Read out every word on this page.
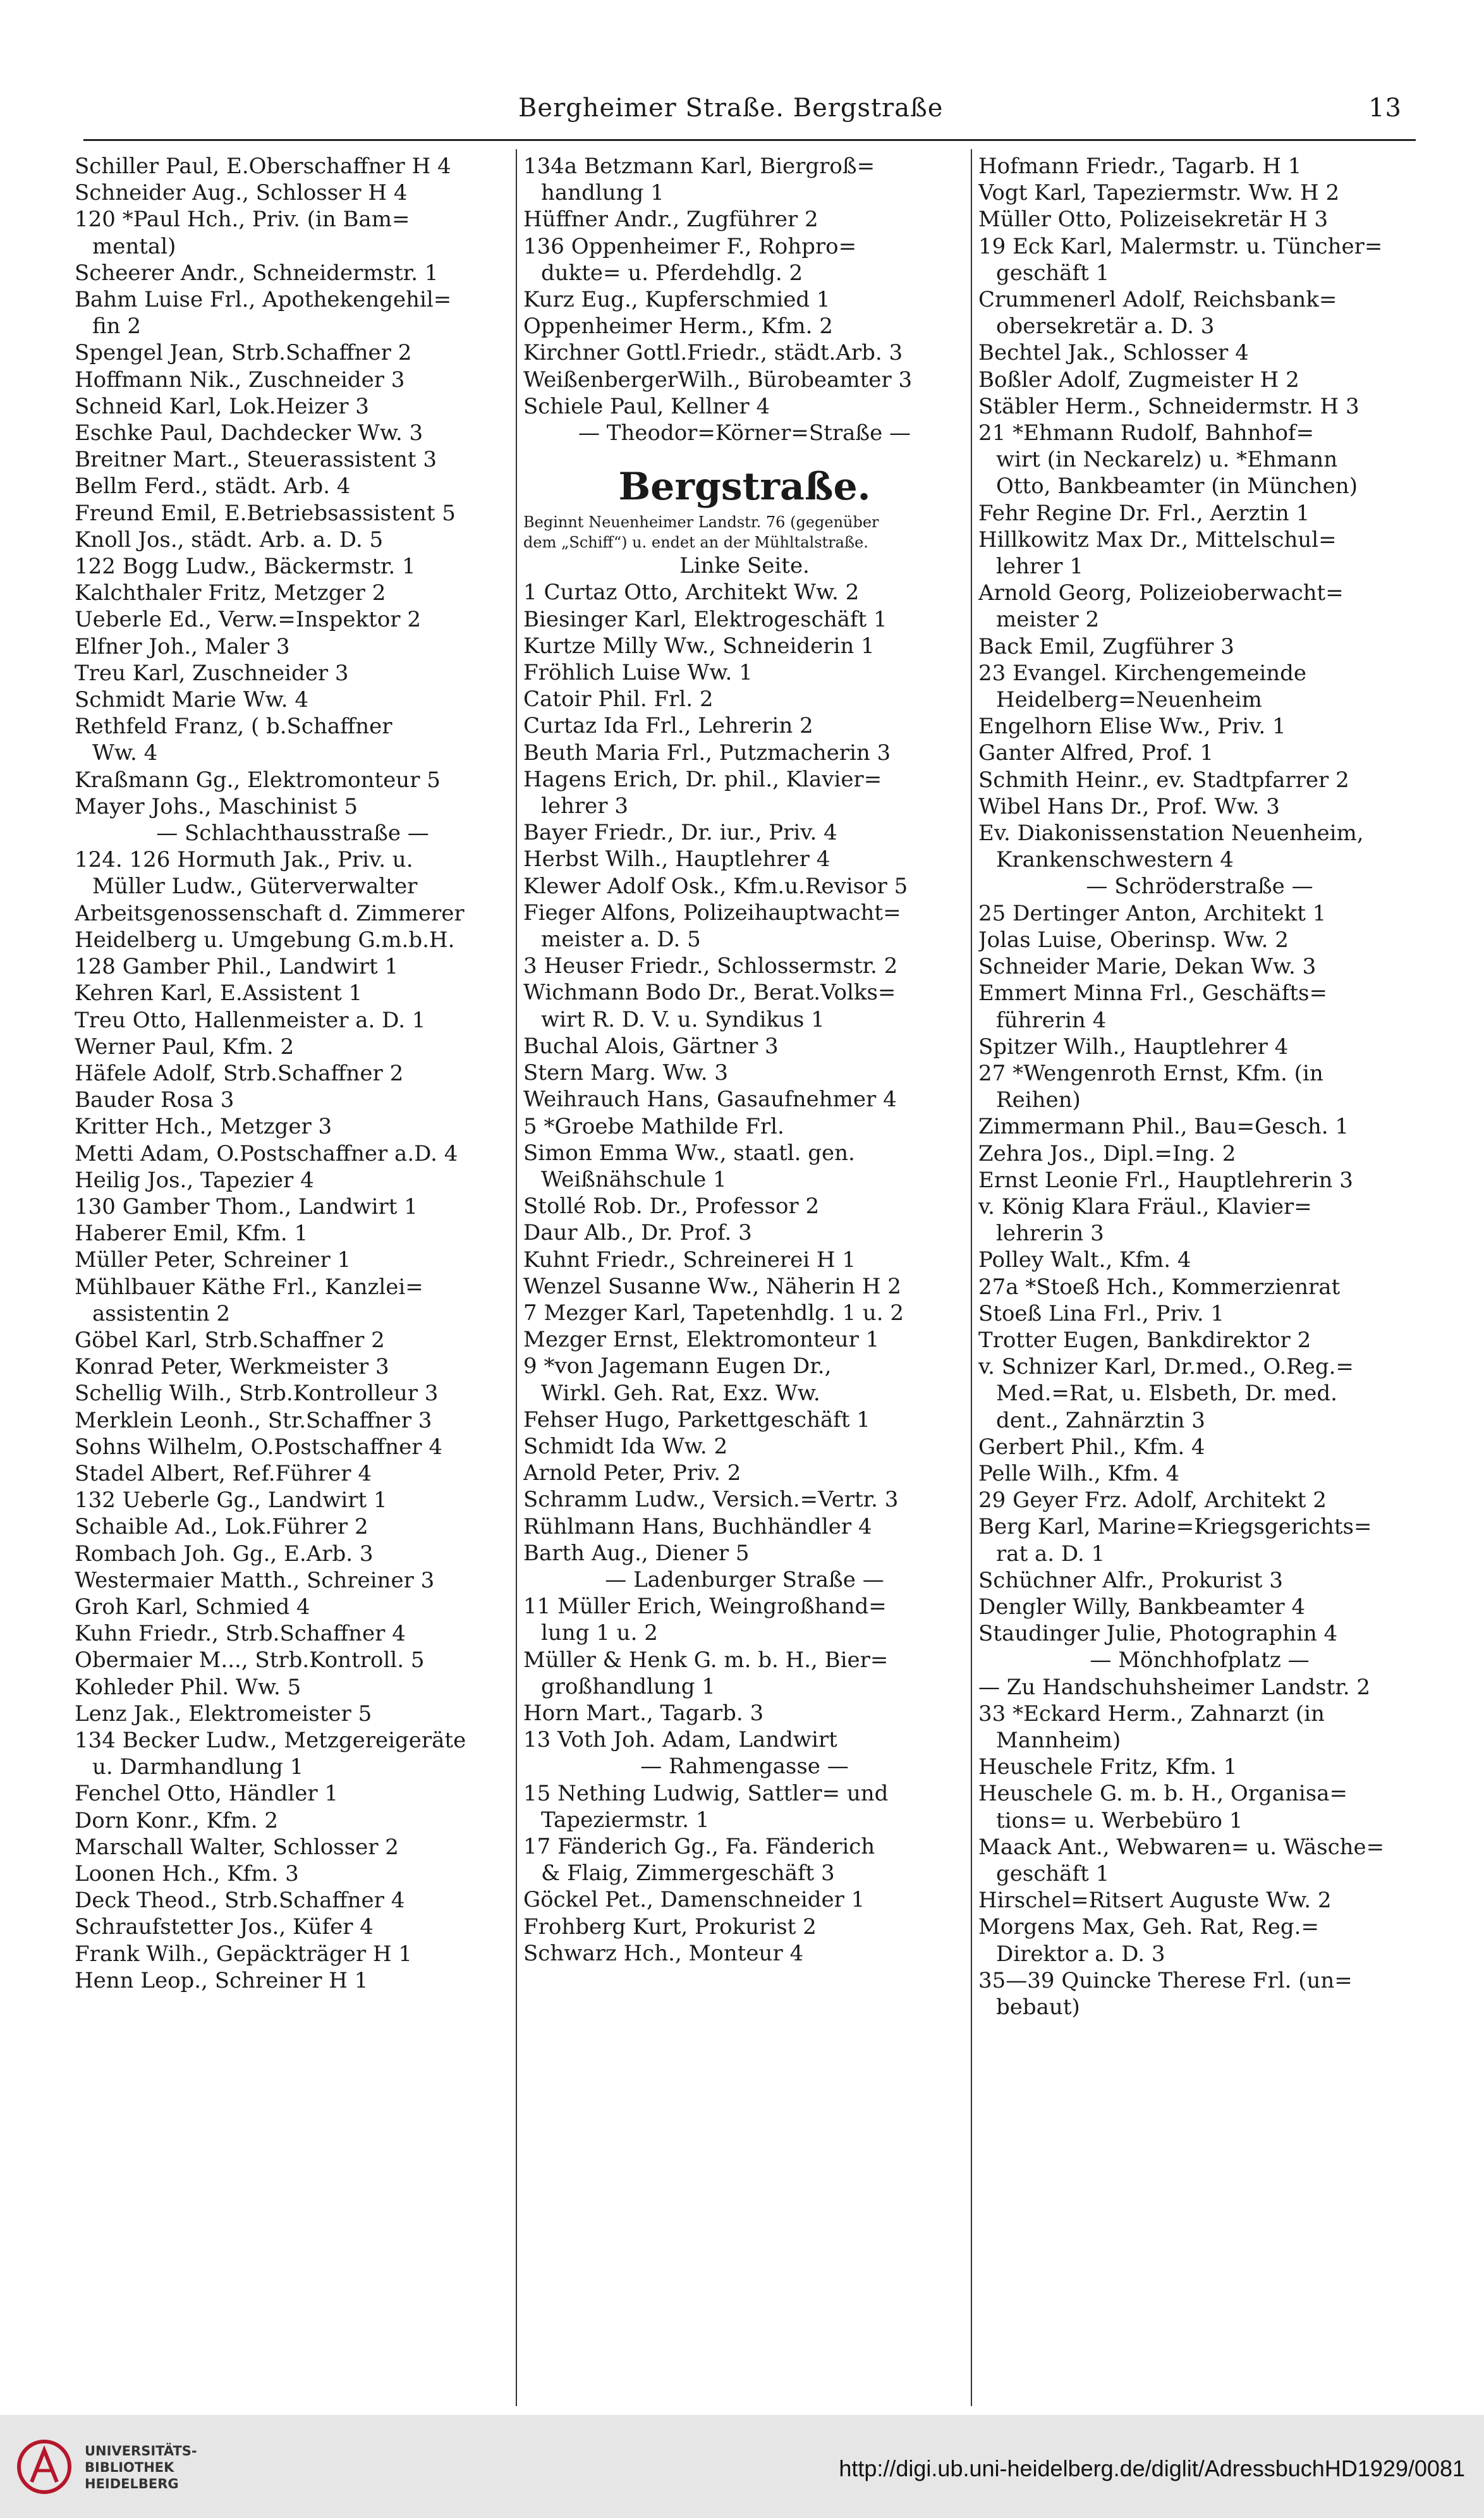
Bergheimer Straße. Bergstraße	13
Schiller Paul, E.Oberschaffner H 4
Schneider Aug., Schlosser H 4
120 *Paul Hch., Priv. (in Bam=
mental)
Scheerer Andr., Schneidermstr. 1
Bahm Luise Frl., Apothekengehil=
fin 2
Spengel Jean, Strb.Schaffner 2
Hoffmann Nik., Zuschneider 3
Schneid Karl, Lok.Heizer 3
Eschke Paul, Dachdecker Ww. 3
Breitner Mart., Steuerassistent 3
Bellm Ferd., städt. Arb. 4
Freund Emil, E.Betriebsassistent 5
Knoll Jos., städt. Arb. a. D. 5
122 Bogg Ludw., Bäckermstr. 1
Kalchthaler Fritz, Metzger 2
Ueberle Ed., Verw.=Inspektor 2
Elfner Joh., Maler 3
Treu Karl, Zuschneider 3
Schmidt Marie Ww. 4
Rethfeld Franz, ( b.Schaffner
Ww. 4
Kraßmann Gg., Elektromonteur 5
Mayer Johs., Maschinist 5
— Schlachthausstraße —
124. 126 Hormuth Jak., Priv. u.
Müller Ludw., Güterverwalter
Arbeitsgenossenschaft d. Zimmerer
Heidelberg u. Umgebung G.m.b.H.
128 Gamber Phil., Landwirt 1
Kehren Karl, E.Assistent 1
Treu Otto, Hallenmeister a. D. 1
Werner Paul, Kfm. 2
Häfele Adolf, Strb.Schaffner 2
Bauder Rosa 3
Kritter Hch., Metzger 3
Metti Adam, O.Postschaffner a.D. 4
Heilig Jos., Tapezier 4
130 Gamber Thom., Landwirt 1
Haberer Emil, Kfm. 1
Müller Peter, Schreiner 1
Mühlbauer Käthe Frl., Kanzlei=
assistentin 2
Göbel Karl, Strb.Schaffner 2
Konrad Peter, Werkmeister 3
Schellig Wilh., Strb.Kontrolleur 3
Merklein Leonh., Str.Schaffner 3
Sohns Wilhelm, O.Postschaffner 4
Stadel Albert, Ref.Führer 4
132 Ueberle Gg., Landwirt 1
Schaible Ad., Lok.Führer 2
Rombach Joh. Gg., E.Arb. 3
Westermaier Matth., Schreiner 3
Groh Karl, Schmied 4
Kuhn Friedr., Strb.Schaffner 4
Obermaier M..., Strb.Kontroll. 5
Kohleder Phil. Ww. 5
Lenz Jak., Elektromeister 5
134 Becker Ludw., Metzgereigeräte
u. Darmhandlung 1
Fenchel Otto, Händler 1
Dorn Konr., Kfm. 2
Marschall Walter, Schlosser 2
Loonen Hch., Kfm. 3
Deck Theod., Strb.Schaffner 4
Schraufstetter Jos., Küfer 4
Frank Wilh., Gepäckträger H 1
Henn Leop., Schreiner H 1
134a Betzmann Karl, Biergroß=
handlung 1
Hüffner Andr., Zugführer 2
136 Oppenheimer F., Rohpro=
dukte= u. Pferdehdlg. 2
Kurz Eug., Kupferschmied 1
Oppenheimer Herm., Kfm. 2
Kirchner Gottl.Friedr., städt.Arb. 3
WeißenbergerWilh., Bürobeamter 3
Schiele Paul, Kellner 4
— Theodor=Körner=Straße —
Bergstraße.
Beginnt Neuenheimer Landstr. 76 (gegenüber
dem „Schiff“) u. endet an der Mühltalstraße.
Linke Seite.
1 Curtaz Otto, Architekt Ww. 2
Biesinger Karl, Elektrogeschäft 1
Kurtze Milly Ww., Schneiderin 1
Fröhlich Luise Ww. 1
Catoir Phil. Frl. 2
Curtaz Ida Frl., Lehrerin 2
Beuth Maria Frl., Putzmacherin 3
Hagens Erich, Dr. phil., Klavier=
lehrer 3
Bayer Friedr., Dr. iur., Priv. 4
Herbst Wilh., Hauptlehrer 4
Klewer Adolf Osk., Kfm.u.Revisor 5
Fieger Alfons, Polizeihauptwacht=
meister a. D. 5
3 Heuser Friedr., Schlossermstr. 2
Wichmann Bodo Dr., Berat.Volks=
wirt R. D. V. u. Syndikus 1
Buchal Alois, Gärtner 3
Stern Marg. Ww. 3
Weihrauch Hans, Gasaufnehmer 4
5 *Groebe Mathilde Frl.
Simon Emma Ww., staatl. gen.
Weißnähschule 1
Stollé Rob. Dr., Professor 2
Daur Alb., Dr. Prof. 3
Kuhnt Friedr., Schreinerei H 1
Wenzel Susanne Ww., Näherin H 2
7 Mezger Karl, Tapetenhdlg. 1 u. 2
Mezger Ernst, Elektromonteur 1
9 *von Jagemann Eugen Dr.,
Wirkl. Geh. Rat, Exz. Ww.
Fehser Hugo, Parkettgeschäft 1
Schmidt Ida Ww. 2
Arnold Peter, Priv. 2
Schramm Ludw., Versich.=Vertr. 3
Rühlmann Hans, Buchhändler 4
Barth Aug., Diener 5
— Ladenburger Straße —
11 Müller Erich, Weingroßhand=
lung 1 u. 2
Müller & Henk G. m. b. H., Bier=
großhandlung 1
Horn Mart., Tagarb. 3
13 Voth Joh. Adam, Landwirt
— Rahmengasse —
15 Nething Ludwig, Sattler= und
Tapeziermstr. 1
17 Fänderich Gg., Fa. Fänderich
& Flaig, Zimmergeschäft 3
Göckel Pet., Damenschneider 1
Frohberg Kurt, Prokurist 2
Schwarz Hch., Monteur 4
Hofmann Friedr., Tagarb. H 1
Vogt Karl, Tapeziermstr. Ww. H 2
Müller Otto, Polizeisekretär H 3
19 Eck Karl, Malermstr. u. Tüncher=
geschäft 1
Crummenerl Adolf, Reichsbank=
obersekretär a. D. 3
Bechtel Jak., Schlosser 4
Boßler Adolf, Zugmeister H 2
Stäbler Herm., Schneidermstr. H 3
21 *Ehmann Rudolf, Bahnhof=
wirt (in Neckarelz) u. *Ehmann
Otto, Bankbeamter (in München)
Fehr Regine Dr. Frl., Aerztin 1
Hillkowitz Max Dr., Mittelschul=
lehrer 1
Arnold Georg, Polizeioberwacht=
meister 2
Back Emil, Zugführer 3
23 Evangel. Kirchengemeinde
Heidelberg=Neuenheim
Engelhorn Elise Ww., Priv. 1
Ganter Alfred, Prof. 1
Schmith Heinr., ev. Stadtpfarrer 2
Wibel Hans Dr., Prof. Ww. 3
Ev. Diakonissenstation Neuenheim,
Krankenschwestern 4
— Schröderstraße —
25 Dertinger Anton, Architekt 1
Jolas Luise, Oberinsp. Ww. 2
Schneider Marie, Dekan Ww. 3
Emmert Minna Frl., Geschäfts=
führerin 4
Spitzer Wilh., Hauptlehrer 4
27 *Wengenroth Ernst, Kfm. (in
Reihen)
Zimmermann Phil., Bau=Gesch. 1
Zehra Jos., Dipl.=Ing. 2
Ernst Leonie Frl., Hauptlehrerin 3
v. König Klara Fräul., Klavier=
lehrerin 3
Polley Walt., Kfm. 4
27a *Stoeß Hch., Kommerzienrat
Stoeß Lina Frl., Priv. 1
Trotter Eugen, Bankdirektor 2
v. Schnizer Karl, Dr.med., O.Reg.=
Med.=Rat, u. Elsbeth, Dr. med.
dent., Zahnärztin 3
Gerbert Phil., Kfm. 4
Pelle Wilh., Kfm. 4
29 Geyer Frz. Adolf, Architekt 2
Berg Karl, Marine=Kriegsgerichts=
rat a. D. 1
Schüchner Alfr., Prokurist 3
Dengler Willy, Bankbeamter 4
Staudinger Julie, Photographin 4
— Mönchhofplatz —
— Zu Handschuhsheimer Landstr. 2
33 *Eckard Herm., Zahnarzt (in
Mannheim)
Heuschele Fritz, Kfm. 1
Heuschele G. m. b. H., Organisa=
tions= u. Werbebüro 1
Maack Ant., Webwaren= u. Wäsche=
geschäft 1
Hirschel=Ritsert Auguste Ww. 2
Morgens Max, Geh. Rat, Reg.=
Direktor a. D. 3
35—39 Quincke Therese Frl. (un=
bebaut)
UNIVERSITÄTS-
BIBLIOTHEK
HEIDELBERG
http://digi.ub.uni-heidelberg.de/diglit/AdressbuchHD1929/0081
